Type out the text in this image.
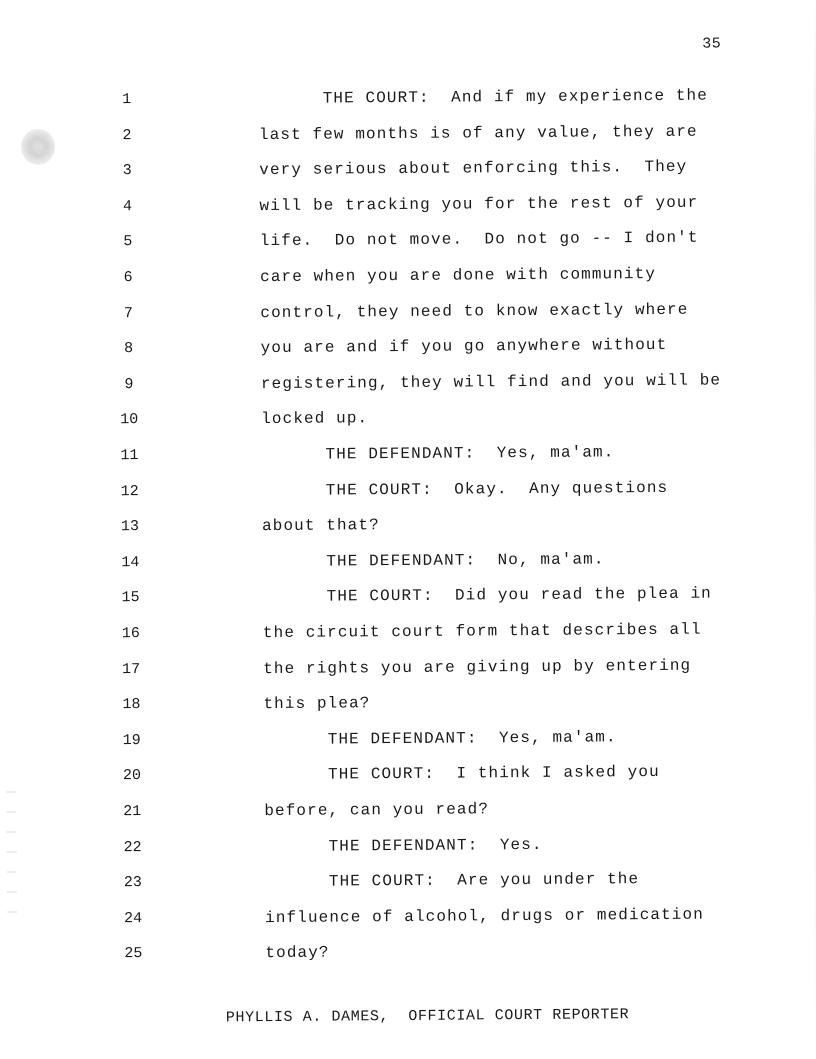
35
1	THE COURT:  And if my experience the
2	last few months is of any value, they are
3	very serious about enforcing this.  They
4	will be tracking you for the rest of your
5	life.  Do not move.  Do not go -- I don't
6	care when you are done with community
7	control, they need to know exactly where
8	you are and if you go anywhere without
9	registering, they will find and you will be
10	locked up.
11	THE DEFENDANT:  Yes, ma'am.
12	THE COURT:  Okay.  Any questions
13	about that?
14	THE DEFENDANT:  No, ma'am.
15	THE COURT:  Did you read the plea in
16	the circuit court form that describes all
17	the rights you are giving up by entering
18	this plea?
19	THE DEFENDANT:  Yes, ma'am.
20	THE COURT:  I think I asked you
21	before, can you read?
22	THE DEFENDANT:  Yes.
23	THE COURT:  Are you under the
24	influence of alcohol, drugs or medication
25	today?
PHYLLIS A. DAMES,  OFFICIAL COURT REPORTER
